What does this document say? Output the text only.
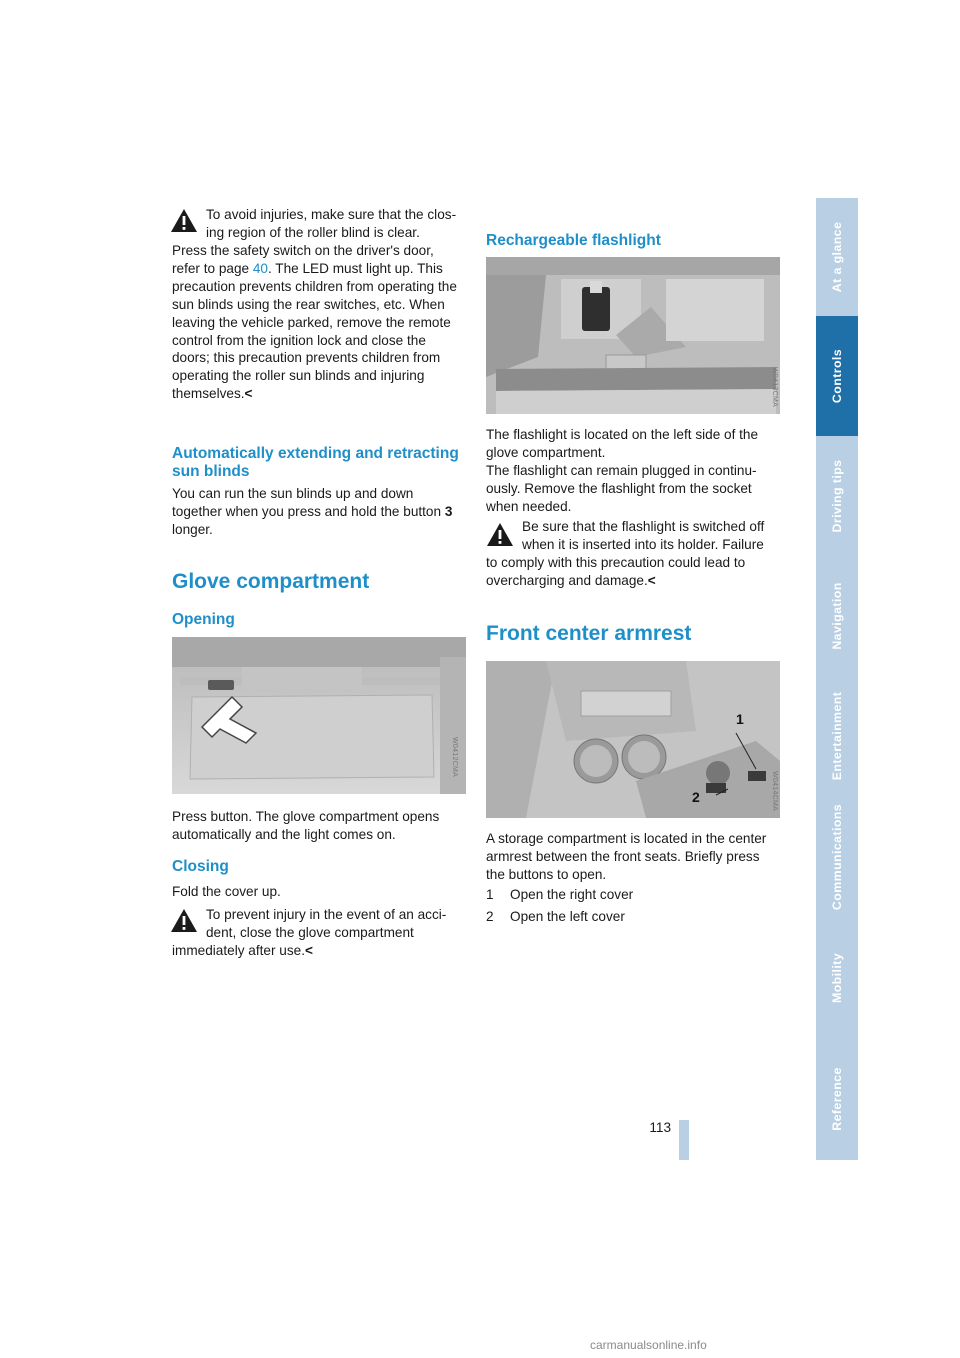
To avoid injuries, make sure that the clos-
ing region of the roller blind is clear.
Press the safety switch on the driver's door, refer to page 40. The LED must light up. This precaution prevents children from operating the sun blinds using the rear switches, etc. When leaving the vehicle parked, remove the remote control from the ignition lock and close the doors; this precaution prevents children from operating the roller sun blinds and injuring themselves.<
Automatically extending and retracting sun blinds
You can run the sun blinds up and down together when you press and hold the button 3 longer.
Glove compartment
Opening
W0412CMA
Press button. The glove compartment opens automatically and the light comes on.
Closing
Fold the cover up.
To prevent injury in the event of an acci-
dent, close the glove compartment
immediately after use.<
Rechargeable flashlight
W0413CMA
The flashlight is located on the left side of the glove compartment.
The flashlight can remain plugged in continu- ously. Remove the flashlight from the socket when needed.
Be sure that the flashlight is switched off
when it is inserted into its holder. Failure
to comply with this precaution could lead to overcharging and damage.<
Front center armrest
1
2	W0414CMA
A storage compartment is located in the center armrest between the front seats. Briefly press the buttons to open.
1 Open the right cover
2 Open the left cover
At a glance
Controls
Driving tips
Navigation
Entertainment
Communications
Mobility
Reference
113
carmanualsonline.info
